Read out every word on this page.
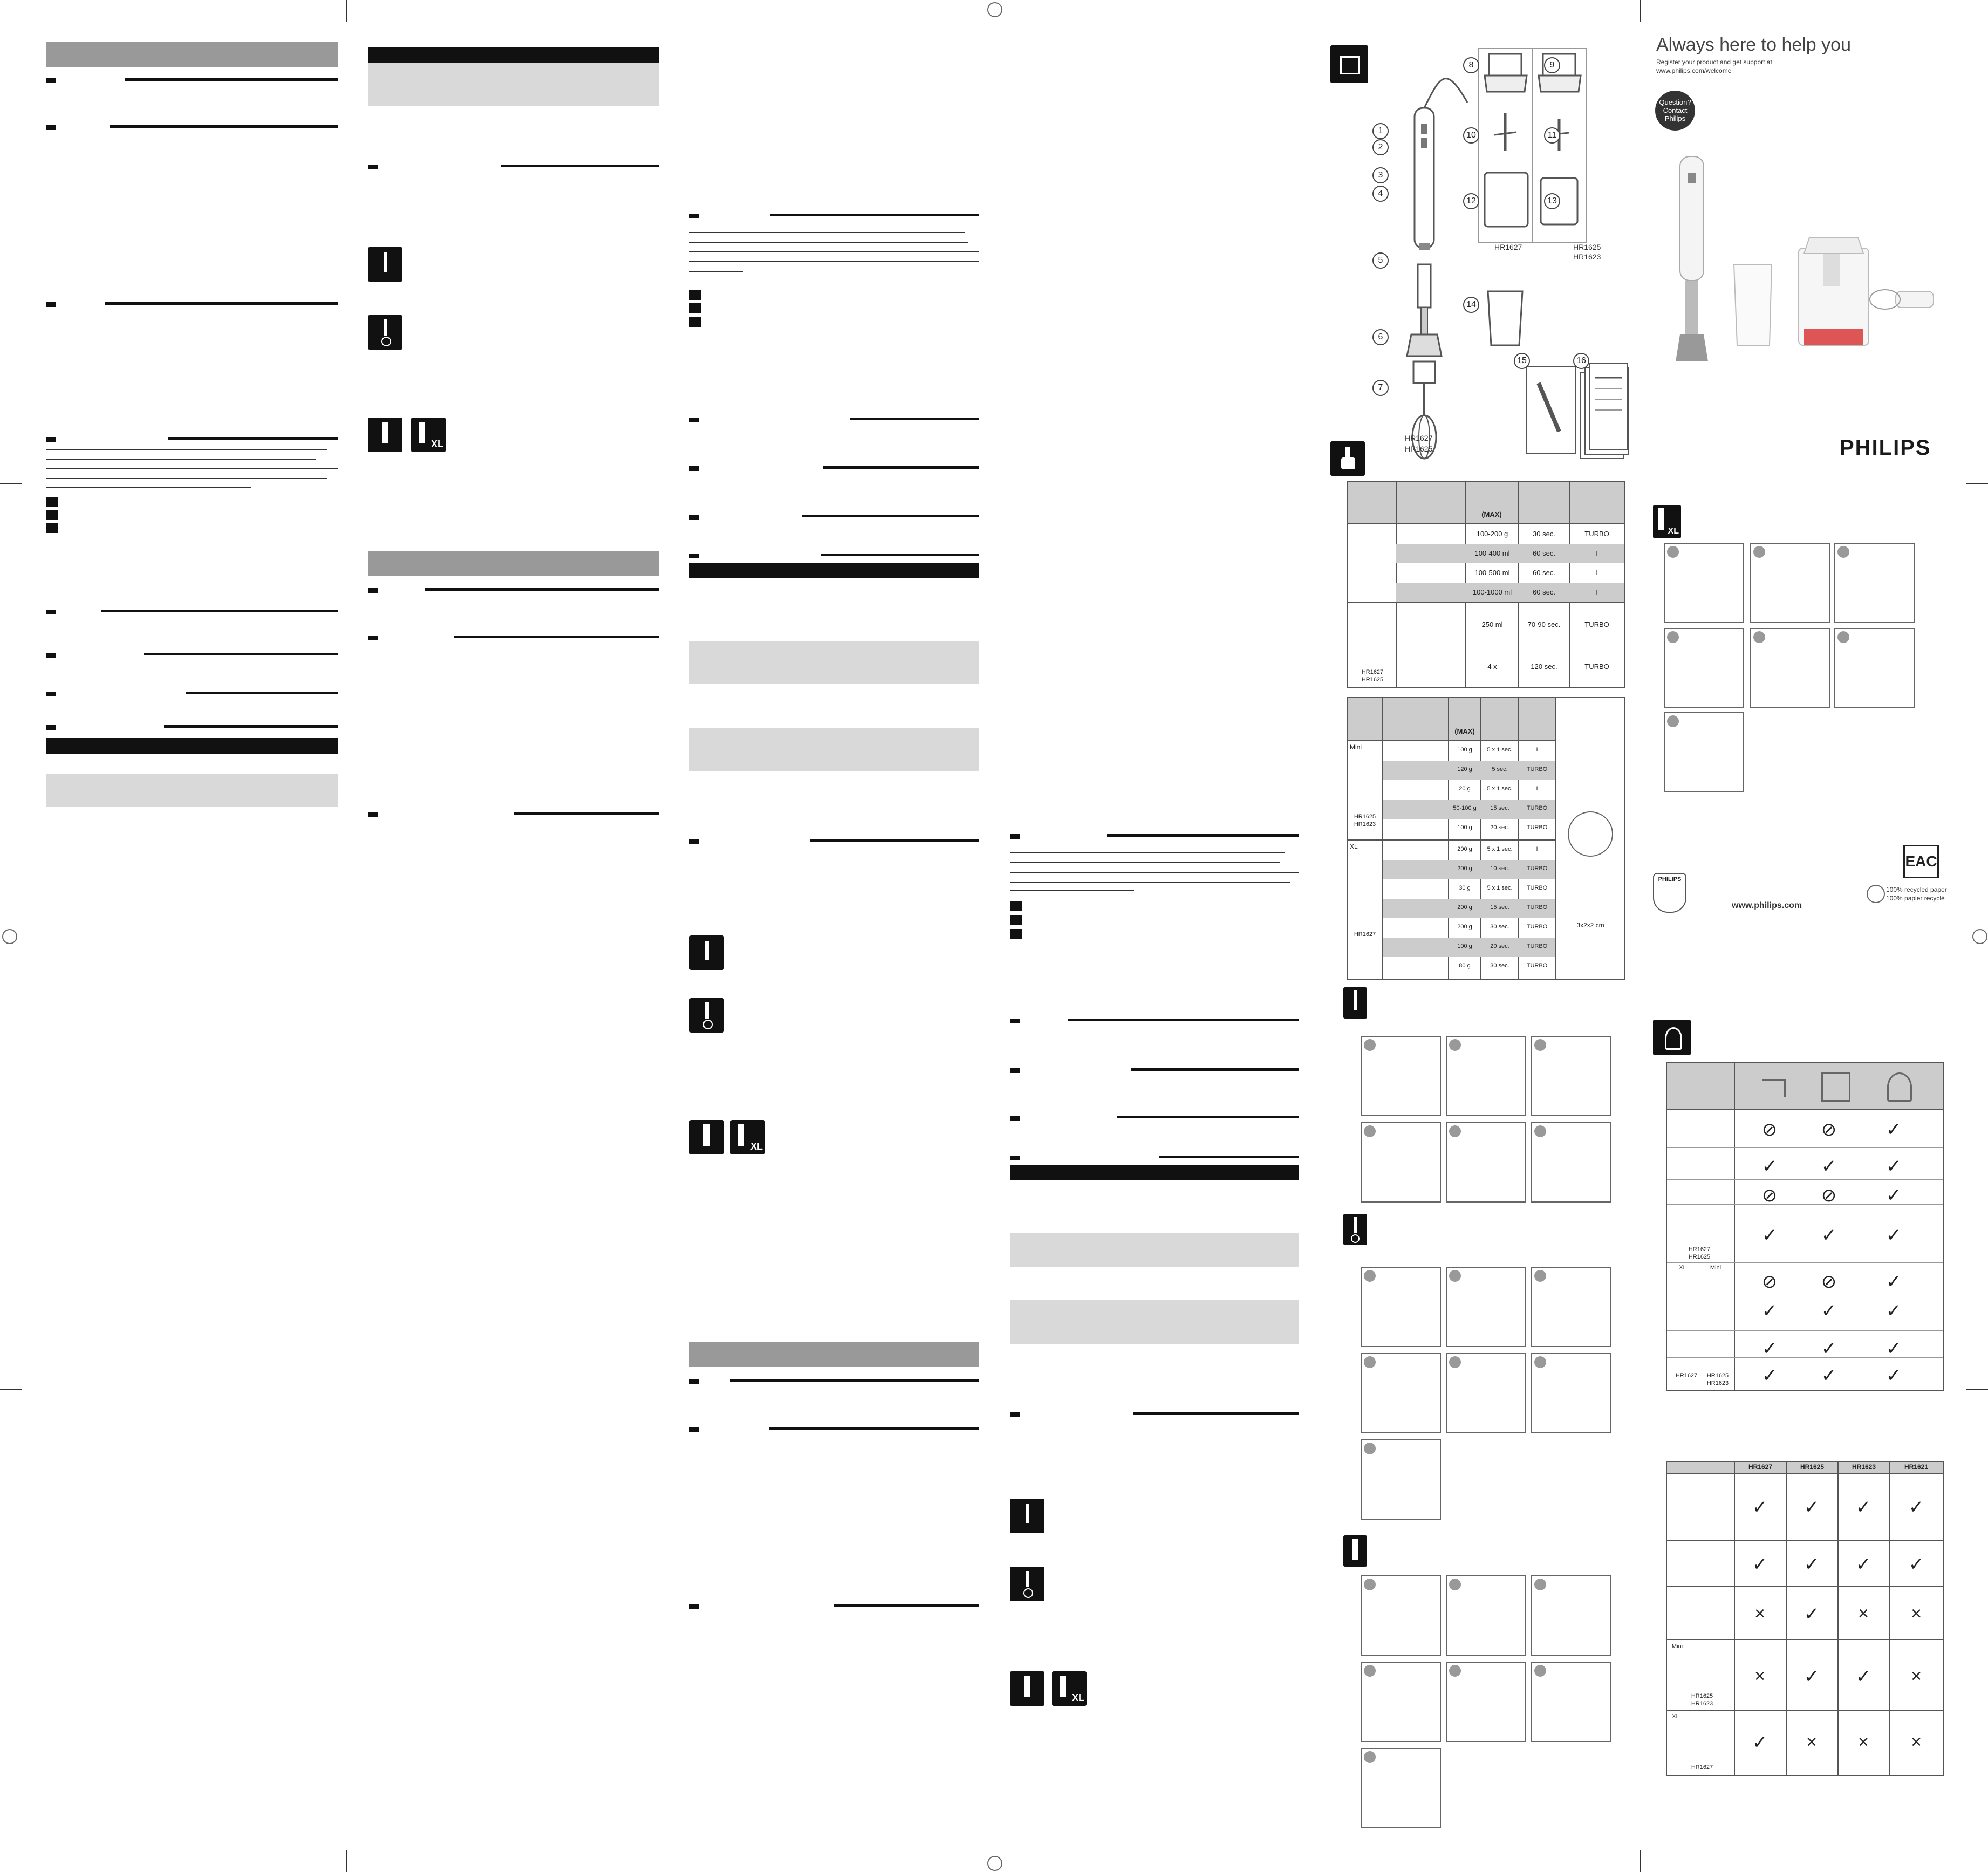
XL
XL
XL
1
2
3
4
5
6
7
8	9
10	11
12	13
14
15	16
HR1627	HR1625
HR1623
HR1627
HR1625
(MAX)
100-200 g	30 sec.	TURBO
100-400 ml	60 sec.	I
100-500 ml	60 sec.	I
100-1000 ml	60 sec.	I
250 ml	70-90 sec.	TURBO
4 x	120 sec.	TURBO
HR1627
HR1625
(MAX)
Mini
HR1625
HR1623
XL
HR1627
3x2x2 cm
100 g	5 x 1 sec.	I
120 g	5 sec.	TURBO
20 g	5 x 1 sec.	I
50-100 g	15 sec.	TURBO
100 g	20 sec.	TURBO
200 g	5 x 1 sec.	I
200 g	10 sec.	TURBO
30 g	5 x 1 sec.	TURBO
200 g	15 sec.	TURBO
200 g	30 sec.	TURBO
100 g	20 sec.	TURBO
80 g	30 sec.	TURBO
Always here to help you
Register your product and get support at
www.philips.com/welcome
Question?
Contact
Philips
PHILIPS
XL
EAC
PHILIPS
www.philips.com
100% recycled paper
100% papier recyclé
HR1627
HR1625
XL	Mini
HR1627	HR1625
HR1623
⊘ ⊘	✓
✓ ✓	✓
⊘ ⊘	✓
✓ ✓	✓
⊘ ⊘	✓
✓ ✓	✓
✓ ✓	✓
✓ ✓	✓
HR1627	HR1625	HR1623	HR1621
Mini
HR1625
HR1623
XL
HR1627
✓ ✓ ✓ ✓
✓ ✓ ✓ ✓
× ✓ × ×
× ✓ ✓ ×
✓ × × ×
